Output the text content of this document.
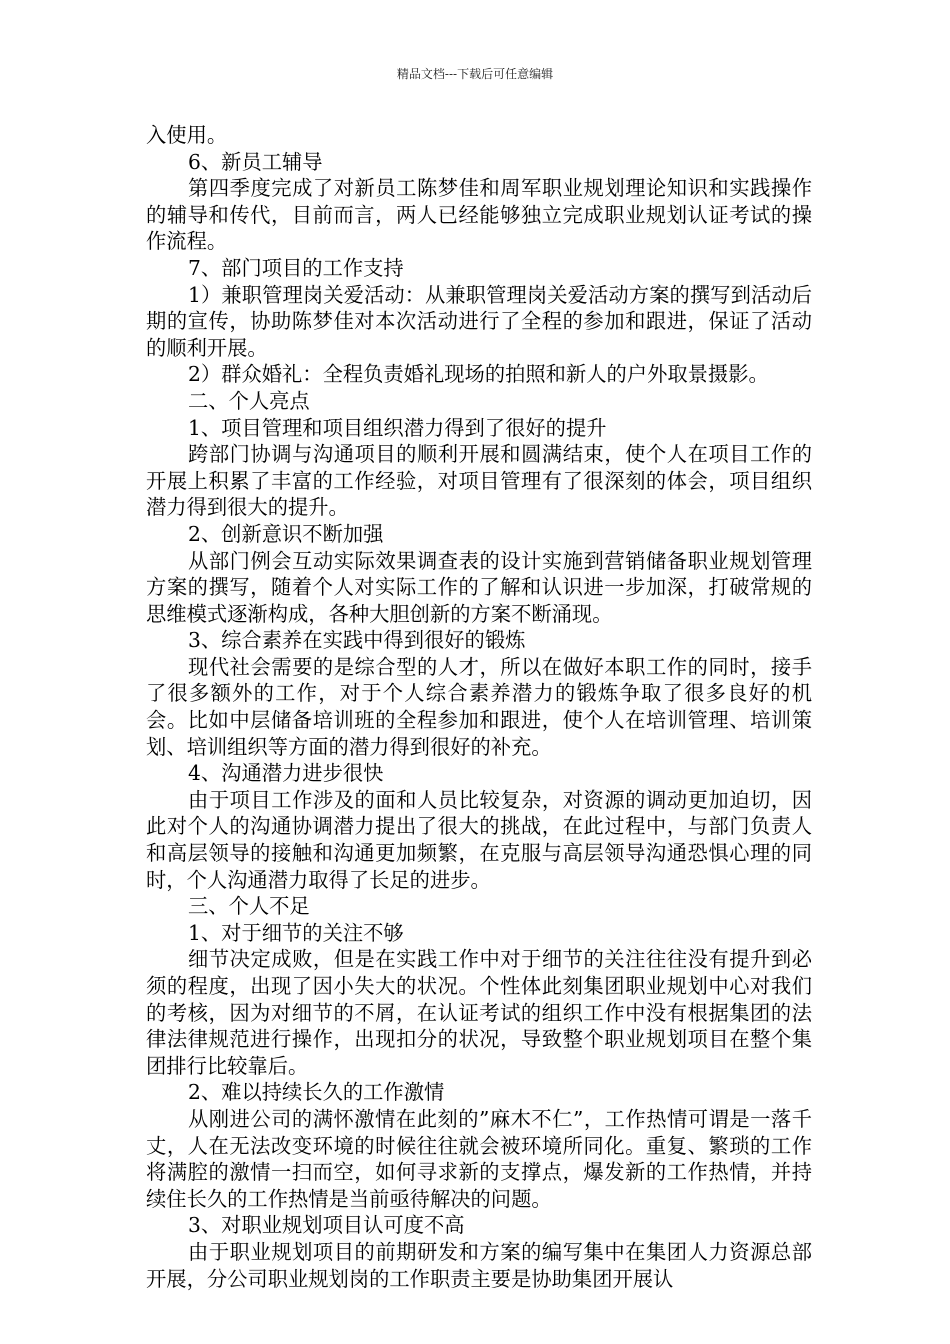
精品文档---下载后可任意编辑

入使用。

6、新员工辅导

第四季度完成了对新员工陈梦佳和周军职业规划理论知识和实践操作的辅导和传代，目前而言，两人已经能够独立完成职业规划认证考试的操作流程。

7、部门项目的工作支持

1）兼职管理岗关爱活动：从兼职管理岗关爱活动方案的撰写到活动后期的宣传，协助陈梦佳对本次活动进行了全程的参加和跟进，保证了活动的顺利开展。

2）群众婚礼：全程负责婚礼现场的拍照和新人的户外取景摄影。

二、个人亮点

1、项目管理和项目组织潜力得到了很好的提升

跨部门协调与沟通项目的顺利开展和圆满结束，使个人在项目工作的开展上积累了丰富的工作经验，对项目管理有了很深刻的体会，项目组织潜力得到很大的提升。

2、创新意识不断加强

从部门例会互动实际效果调查表的设计实施到营销储备职业规划管理方案的撰写，随着个人对实际工作的了解和认识进一步加深，打破常规的思维模式逐渐构成，各种大胆创新的方案不断涌现。

3、综合素养在实践中得到很好的锻炼

现代社会需要的是综合型的人才，所以在做好本职工作的同时，接手了很多额外的工作，对于个人综合素养潜力的锻炼争取了很多良好的机会。比如中层储备培训班的全程参加和跟进，使个人在培训管理、培训策划、培训组织等方面的潜力得到很好的补充。

4、沟通潜力进步很快

由于项目工作涉及的面和人员比较复杂，对资源的调动更加迫切，因此对个人的沟通协调潜力提出了很大的挑战，在此过程中，与部门负责人和高层领导的接触和沟通更加频繁，在克服与高层领导沟通恐惧心理的同时，个人沟通潜力取得了长足的进步。

三、个人不足

1、对于细节的关注不够

细节决定成败，但是在实践工作中对于细节的关注往往没有提升到必须的程度，出现了因小失大的状况。个性体此刻集团职业规划中心对我们的考核，因为对细节的不屑，在认证考试的组织工作中没有根据集团的法律法律规范进行操作，出现扣分的状况，导致整个职业规划项目在整个集团排行比较靠后。

2、难以持续长久的工作激情

从刚进公司的满怀激情在此刻的”麻木不仁”，工作热情可谓是一落千丈，人在无法改变环境的时候往往就会被环境所同化。重复、繁琐的工作将满腔的激情一扫而空，如何寻求新的支撑点，爆发新的工作热情，并持续住长久的工作热情是当前亟待解决的问题。

3、对职业规划项目认可度不高

由于职业规划项目的前期研发和方案的编写集中在集团人力资源总部开展，分公司职业规划岗的工作职责主要是协助集团开展认
